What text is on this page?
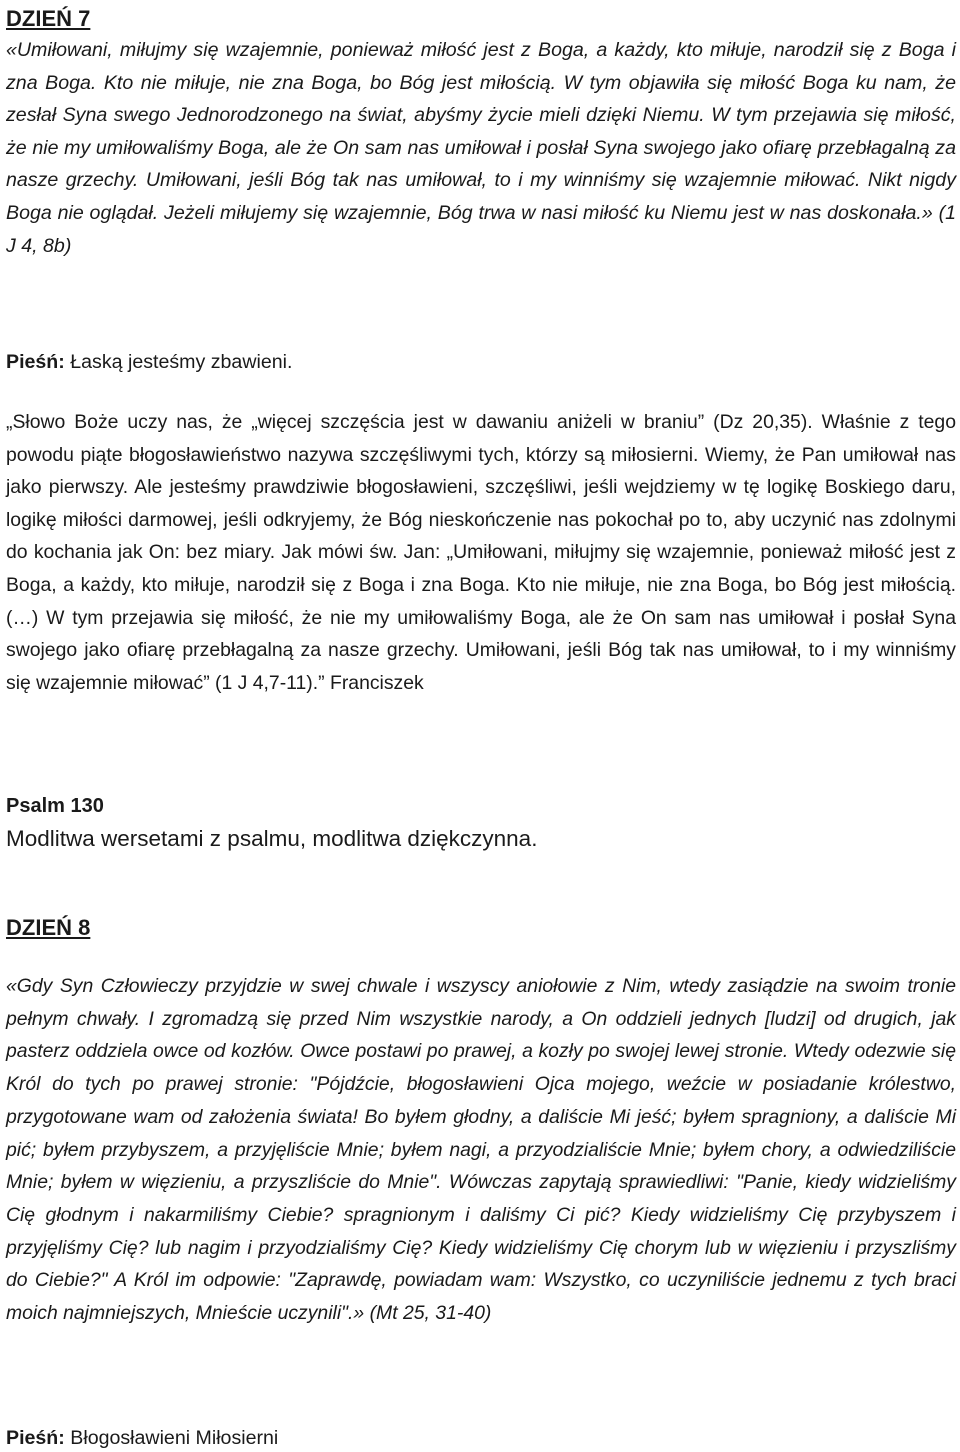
DZIEŃ 7

«Umiłowani, miłujmy się wzajemnie, ponieważ miłość jest z Boga, a każdy, kto miłuje, narodził się z Boga i zna Boga. Kto nie miłuje, nie zna Boga, bo Bóg jest miłością. W tym objawiła się miłość Boga ku nam, że zesłał Syna swego Jednorodzonego na świat, abyśmy życie mieli dzięki Niemu. W tym przejawia się miłość, że nie my umiłowaliśmy Boga, ale że On sam nas umiłował i posłał Syna swojego jako ofiarę przebłagalną za nasze grzechy. Umiłowani, jeśli Bóg tak nas umiłował, to i my winniśmy się wzajemnie miłować. Nikt nigdy Boga nie oglądał. Jeżeli miłujemy się wzajemnie, Bóg trwa w nasi miłość ku Niemu jest w nas doskonała.» (1 J 4, 8b)

Pieśń: Łaską jesteśmy zbawieni.

„Słowo Boże uczy nas, że „więcej szczęścia jest w dawaniu aniżeli w braniu” (Dz 20,35). Właśnie z tego powodu piąte błogosławieństwo nazywa szczęśliwymi tych, którzy są miłosierni. Wiemy, że Pan umiłował nas jako pierwszy. Ale jesteśmy prawdziwie błogosławieni, szczęśliwi, jeśli wejdziemy w tę logikę Boskiego daru, logikę miłości darmowej, jeśli odkryjemy, że Bóg nieskończenie nas pokochał po to, aby uczynić nas zdolnymi do kochania jak On: bez miary. Jak mówi św. Jan: „Umiłowani, miłujmy się wzajemnie, ponieważ miłość jest z Boga, a każdy, kto miłuje, narodził się z Boga i zna Boga. Kto nie miłuje, nie zna Boga, bo Bóg jest miłością. (…) W tym przejawia się miłość, że nie my umiłowaliśmy Boga, ale że On sam nas umiłował i posłał Syna swojego jako ofiarę przebłagalną za nasze grzechy. Umiłowani, jeśli Bóg tak nas umiłował, to i my winniśmy się wzajemnie miłować” (1 J 4,7-11).” Franciszek

Psalm 130

Modlitwa wersetami z psalmu, modlitwa dziękczynna.

DZIEŃ 8

«Gdy Syn Człowieczy przyjdzie w swej chwale i wszyscy aniołowie z Nim, wtedy zasiądzie na swoim tronie pełnym chwały. I zgromadzą się przed Nim wszystkie narody, a On oddzieli jednych [ludzi] od drugich, jak pasterz oddziela owce od kozłów. Owce postawi po prawej, a kozły po swojej lewej stronie. Wtedy odezwie się Król do tych po prawej stronie: "Pójdźcie, błogosławieni Ojca mojego, weźcie w posiadanie królestwo, przygotowane wam od założenia świata! Bo byłem głodny, a daliście Mi jeść; byłem spragniony, a daliście Mi pić; byłem przybyszem, a przyjęliście Mnie; byłem nagi, a przyodzialiście Mnie; byłem chory, a odwiedziliście Mnie; byłem w więzieniu, a przyszliście do Mnie". Wówczas zapytają sprawiedliwi: "Panie, kiedy widzieliśmy Cię głodnym i nakarmiliśmy Ciebie? spragnionym i daliśmy Ci pić? Kiedy widzieliśmy Cię przybyszem i przyjęliśmy Cię? lub nagim i przyodzialiśmy Cię? Kiedy widzieliśmy Cię chorym lub w więzieniu i przyszliśmy do Ciebie?" A Król im odpowie: "Zaprawdę, powiadam wam: Wszystko, co uczyniliście jednemu z tych braci moich najmniejszych, Mnieście uczynili".» (Mt 25, 31-40)

Pieśń: Błogosławieni Miłosierni
